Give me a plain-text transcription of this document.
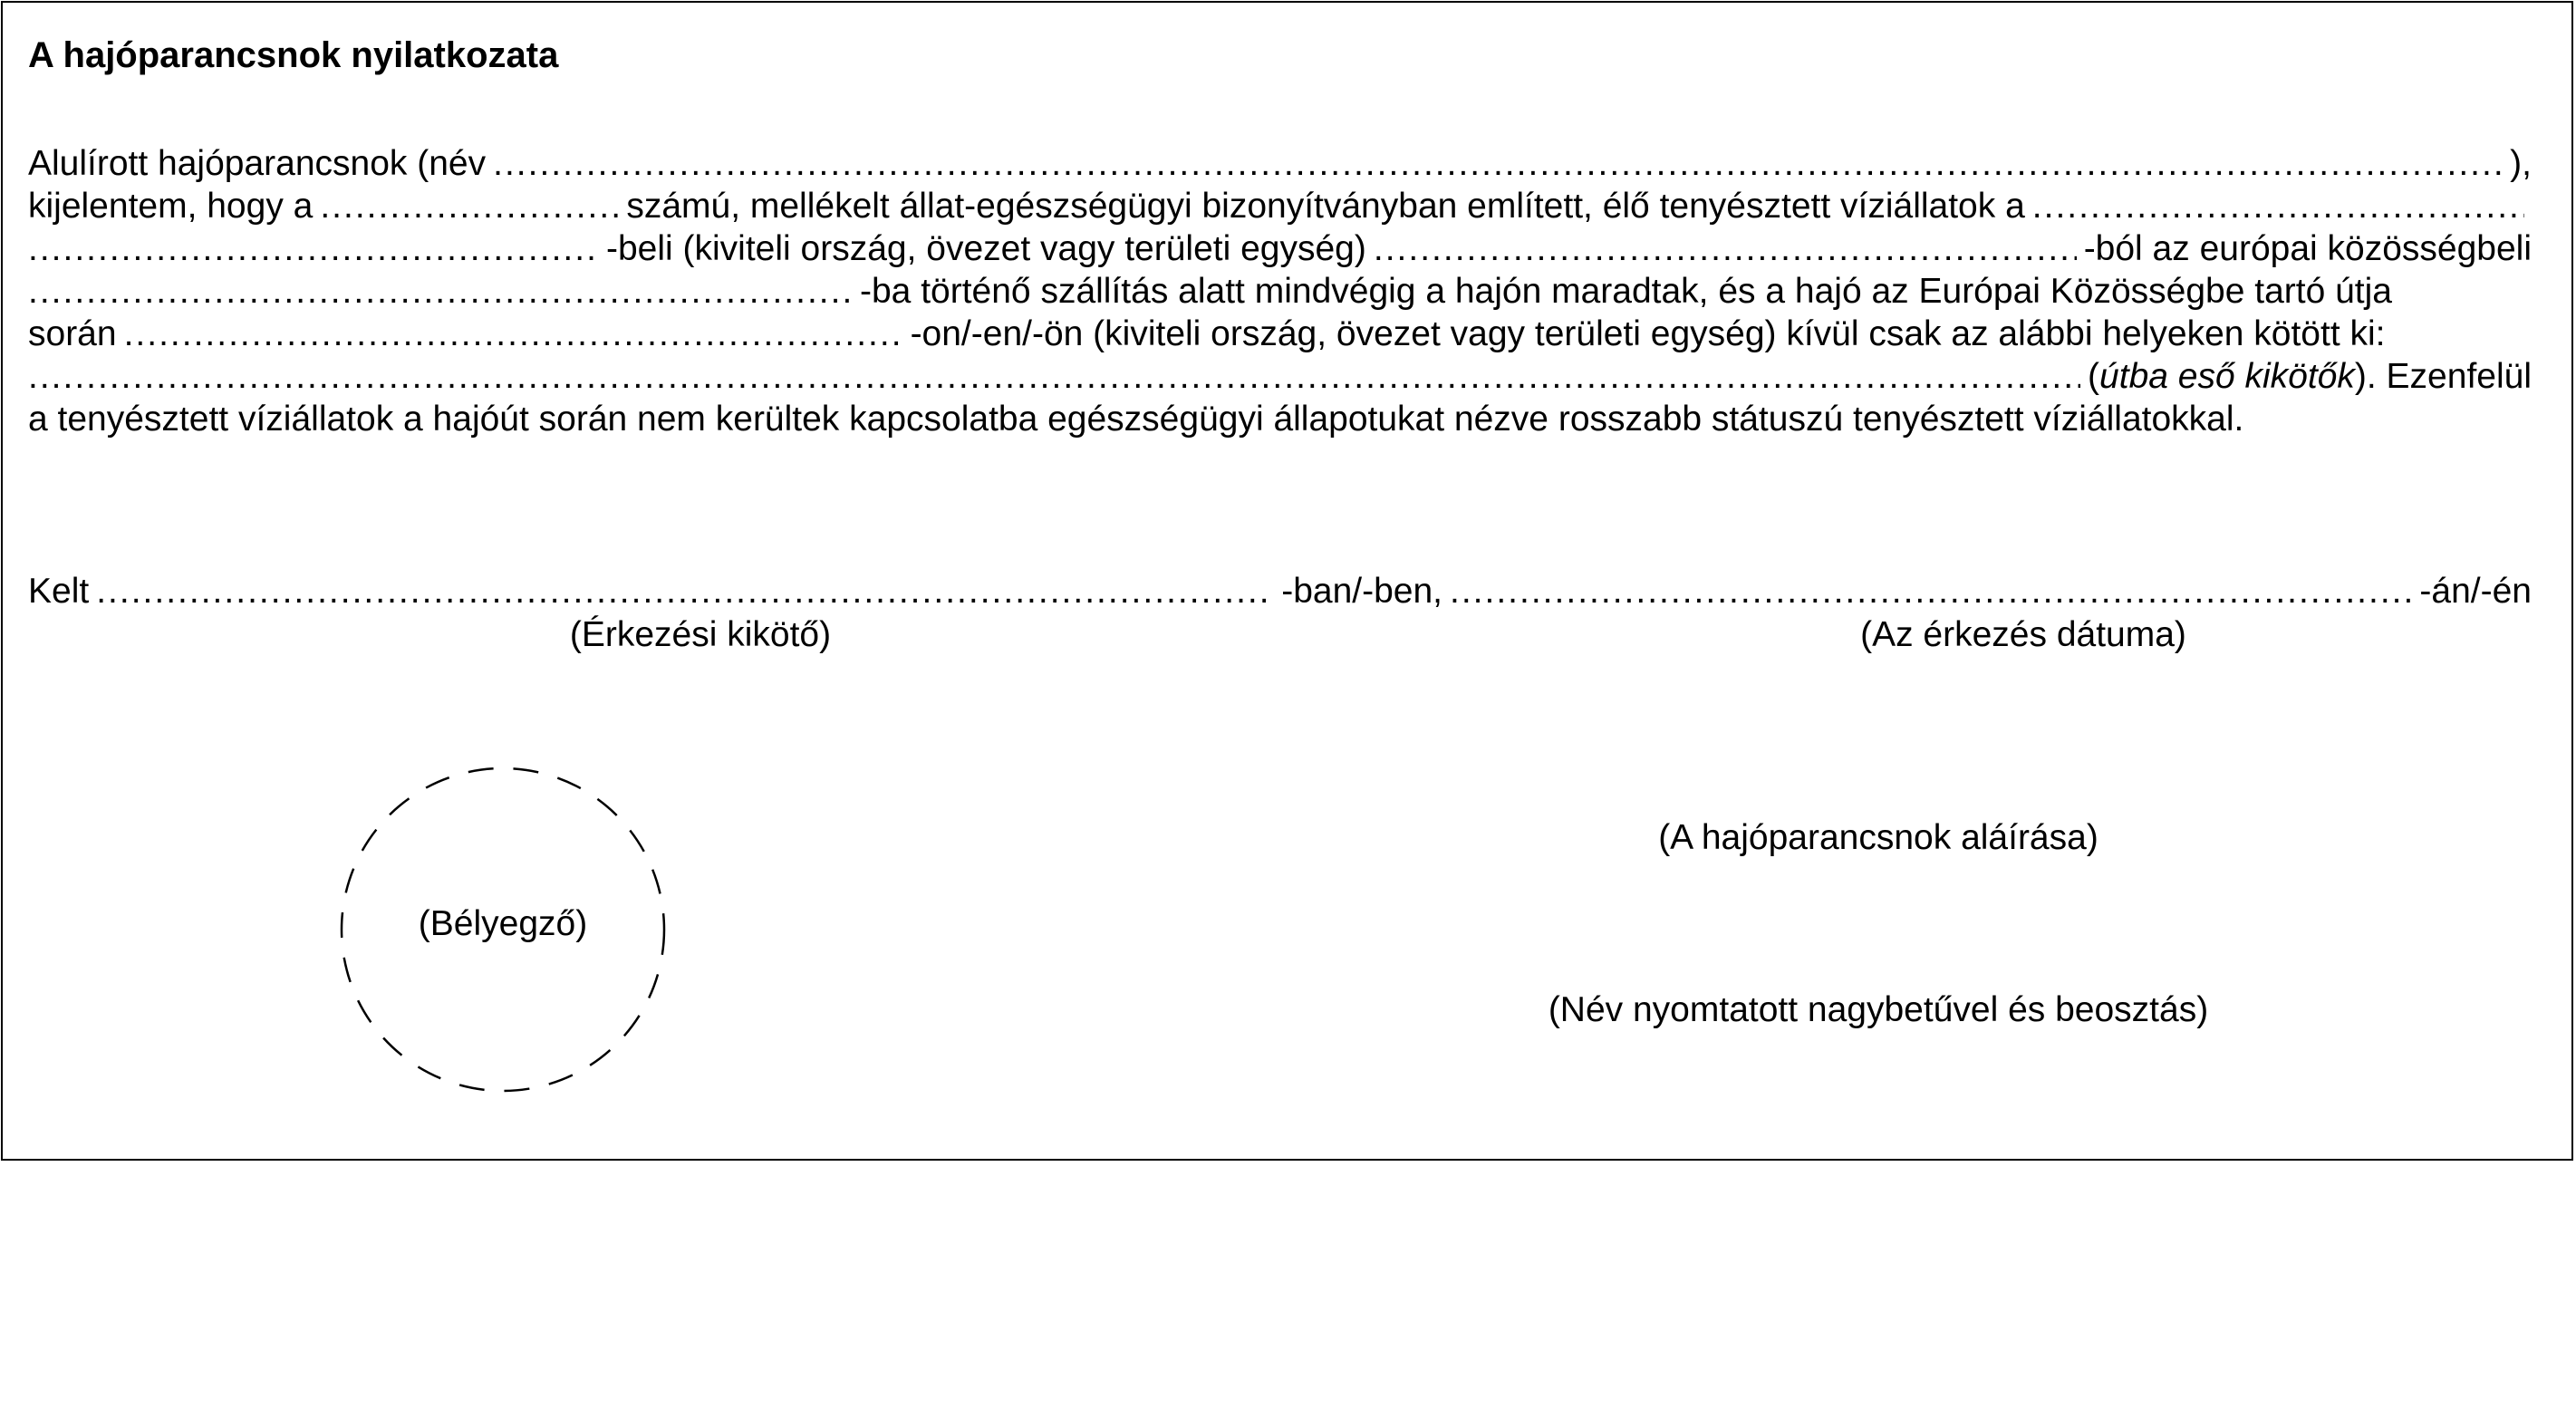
A hajóparancsnok nyilatkozata
Alulírott hajóparancsnok (név .....	),
kijelentem, hogy a .....	számú, mellékelt állat-egészségügyi bizonyítványban említett, élő tenyésztett víziállatok a
.....
.....
-beli (kiviteli ország, övezet vagy területi egység) .....	-ból az európai közösségbeli
.....
-ba történő szállítás alatt mindvégig a hajón maradtak, és a hajó az Európai Közösségbe tartó útja
során .....	-on/-en/-ön (kiviteli ország, övezet vagy területi egység) kívül csak az alábbi helyeken kötött ki:
.....
( útba eső kikötők ). Ezenfelül
a tenyésztett víziállatok a hajóút során nem kerültek kapcsolatba egészségügyi állapotukat nézve rosszabb státuszú tenyésztett víziállatokkal.
Kelt .....	-ban/-ben, .....	-án/-én
(Érkezési kikötő)	(Az érkezés dátuma)
(Bélyegző)
(A hajóparancsnok aláírása)
(Név nyomtatott nagybetűvel és beosztás)
